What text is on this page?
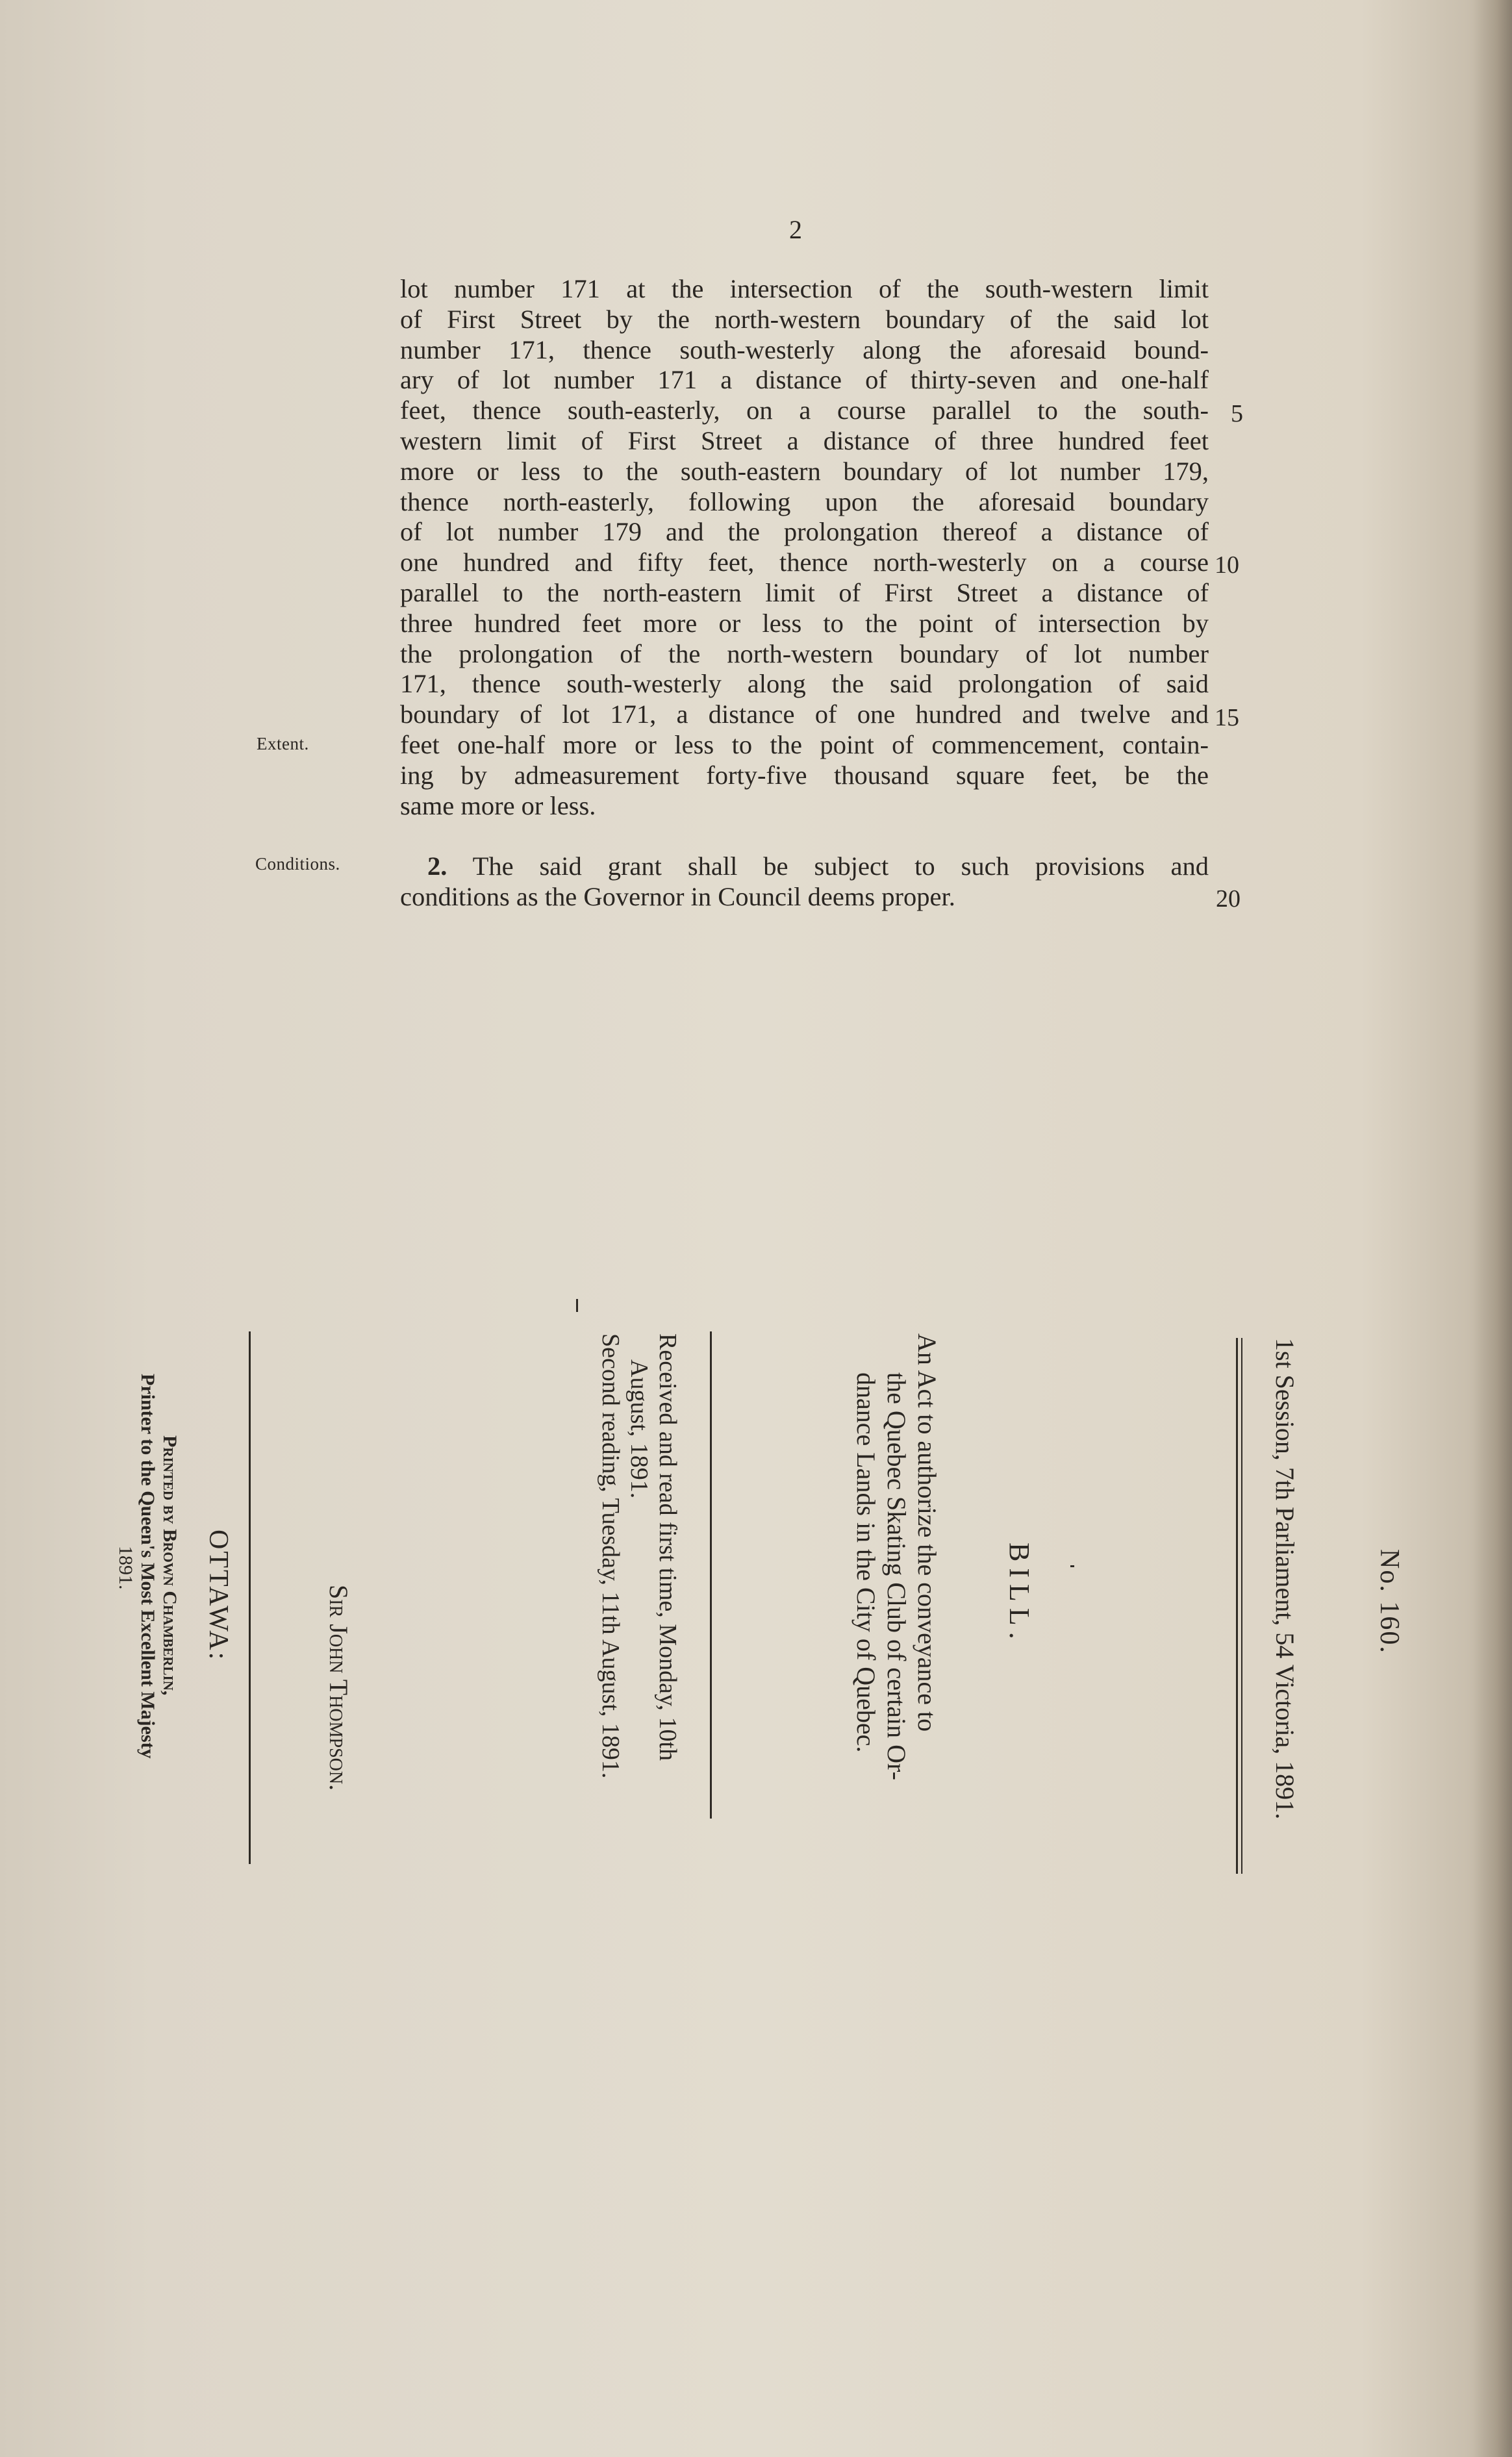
2
lot number 171 at the intersection of the south-western limit
of First Street by the north-western boundary of the said lot
number 171, thence south-westerly along the aforesaid bound-
ary of lot number 171 a distance of thirty-seven and one-half
feet, thence south-easterly, on a course parallel to the south-
western limit of First Street a distance of three hundred feet
more or less to the south-eastern boundary of lot number 179,
thence north-easterly, following upon the aforesaid boundary
of lot number 179 and the prolongation thereof a distance of
one hundred and fifty feet, thence north-westerly on a course
parallel to the north-eastern limit of First Street a distance of
three hundred feet more or less to the point of intersection by
the prolongation of the north-western boundary of lot number
171, thence south-westerly along the said prolongation of said
boundary of lot 171, a distance of one hundred and twelve and
feet one-half more or less to the point of commencement, contain-
ing by admeasurement forty-five thousand square feet, be the
same more or less.
5
10
15
Extent.
Conditions.	2. The said grant shall be subject to such provisions and
conditions as the Governor in Council deems proper.	20
No. 160.
1st Session, 7th Parliament, 54 Victoria, 1891.
BILL.
An Act to authorize the conveyance to
the Quebec Skating Club of certain Or-
dnance Lands in the City of Quebec.
Received and read first time, Monday, 10th
August, 1891.
Second reading, Tuesday, 11th August, 1891.
Sir John Thompson.
OTTAWA:
Printed by Brown Chamberlin,
Printer to the Queen's Most Excellent Majesty
1891.
